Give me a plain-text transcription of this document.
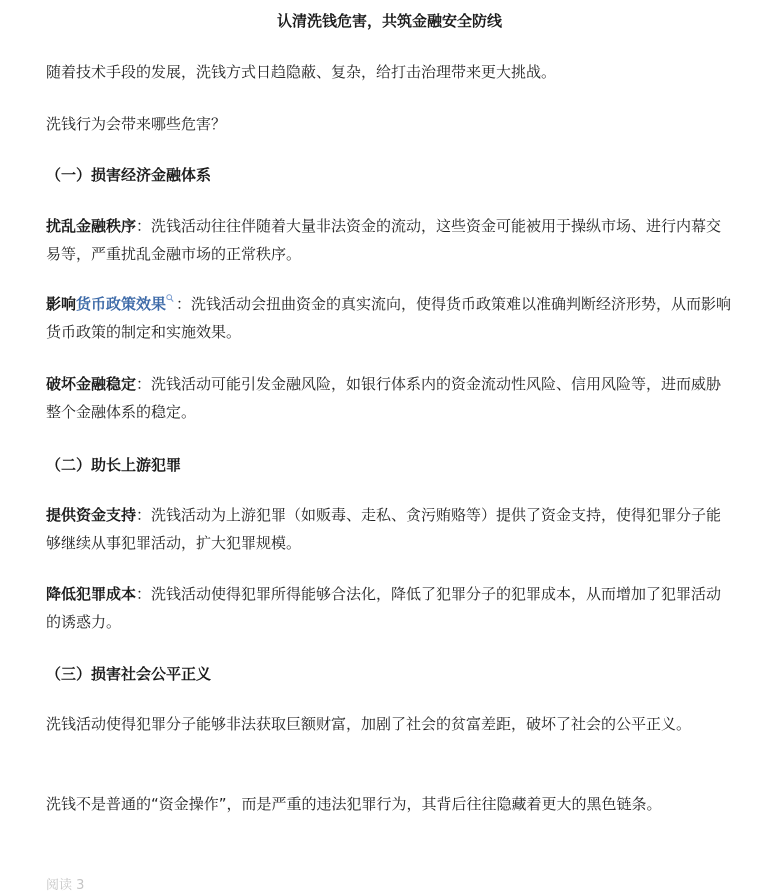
认清洗钱危害，共筑金融安全防线

随着技术手段的发展，洗钱方式日趋隐蔽、复杂，给打击治理带来更大挑战。

洗钱行为会带来哪些危害？

（一）损害经济金融体系

扰乱金融秩序：洗钱活动往往伴随着大量非法资金的流动，这些资金可能被用于操纵市场、进行内幕交易等，严重扰乱金融市场的正常秩序。

影响货币政策效果 ：洗钱活动会扭曲资金的真实流向，使得货币政策难以准确判断经济形势，从而影响货币政策的制定和实施效果。

破坏金融稳定：洗钱活动可能引发金融风险，如银行体系内的资金流动性风险、信用风险等，进而威胁整个金融体系的稳定。

（二）助长上游犯罪

提供资金支持：洗钱活动为上游犯罪（如贩毒、走私、贪污贿赂等）提供了资金支持，使得犯罪分子能够继续从事犯罪活动，扩大犯罪规模。

降低犯罪成本：洗钱活动使得犯罪所得能够合法化，降低了犯罪分子的犯罪成本，从而增加了犯罪活动的诱惑力。

（三）损害社会公平正义

洗钱活动使得犯罪分子能够非法获取巨额财富，加剧了社会的贫富差距，破坏了社会的公平正义。

洗钱不是普通的“资金操作”，而是严重的违法犯罪行为，其背后往往隐藏着更大的黑色链条。

阅读 3
